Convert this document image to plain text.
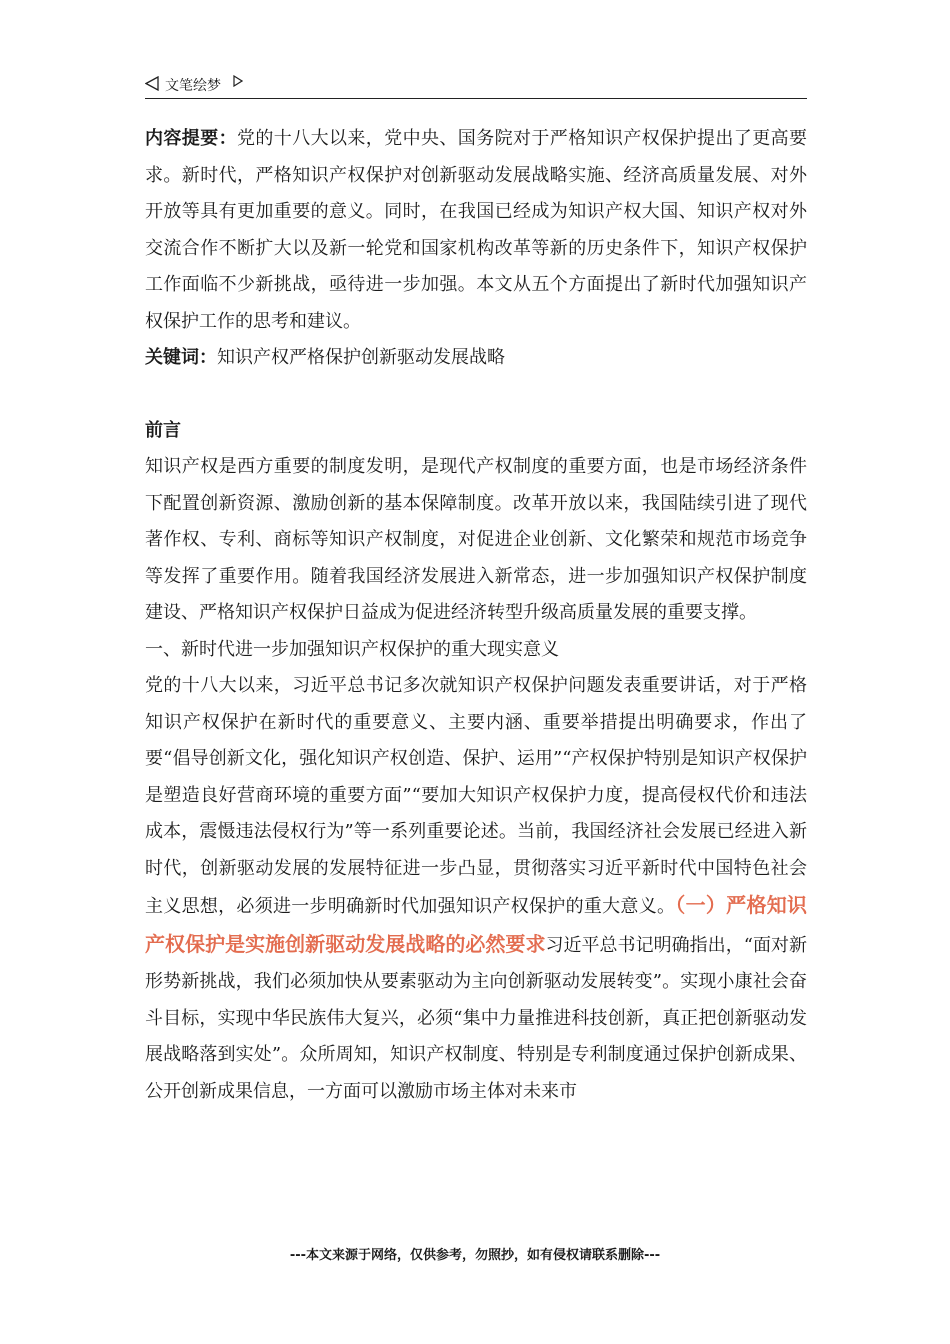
文笔绘梦

内容提要：党的十八大以来，党中央、国务院对于严格知识产权保护提出了更高要求。新时代，严格知识产权保护对创新驱动发展战略实施、经济高质量发展、对外开放等具有更加重要的意义。同时，在我国已经成为知识产权大国、知识产权对外交流合作不断扩大以及新一轮党和国家机构改革等新的历史条件下，知识产权保护工作面临不少新挑战，亟待进一步加强。本文从五个方面提出了新时代加强知识产权保护工作的思考和建议。

关键词：知识产权严格保护创新驱动发展战略

前言

知识产权是西方重要的制度发明，是现代产权制度的重要方面，也是市场经济条件下配置创新资源、激励创新的基本保障制度。改革开放以来，我国陆续引进了现代著作权、专利、商标等知识产权制度，对促进企业创新、文化繁荣和规范市场竞争等发挥了重要作用。随着我国经济发展进入新常态，进一步加强知识产权保护制度建设、严格知识产权保护日益成为促进经济转型升级高质量发展的重要支撑。

一、新时代进一步加强知识产权保护的重大现实意义

党的十八大以来，习近平总书记多次就知识产权保护问题发表重要讲话，对于严格知识产权保护在新时代的重要意义、主要内涵、重要举措提出明确要求，作出了要“倡导创新文化，强化知识产权创造、保护、运用”“产权保护特别是知识产权保护是塑造良好营商环境的重要方面”“要加大知识产权保护力度，提高侵权代价和违法成本，震慑违法侵权行为”等一系列重要论述。当前，我国经济社会发展已经进入新时代，创新驱动发展的发展特征进一步凸显，贯彻落实习近平新时代中国特色社会主义思想，必须进一步明确新时代加强知识产权保护的重大意义。（一）严格知识产权保护是实施创新驱动发展战略的必然要求习近平总书记明确指出，“面对新形势新挑战，我们必须加快从要素驱动为主向创新驱动发展转变”。实现小康社会奋斗目标，实现中华民族伟大复兴，必须“集中力量推进科技创新，真正把创新驱动发展战略落到实处”。众所周知，知识产权制度、特别是专利制度通过保护创新成果、公开创新成果信息，一方面可以激励市场主体对未来市

---本文来源于网络，仅供参考，勿照抄，如有侵权请联系删除---
